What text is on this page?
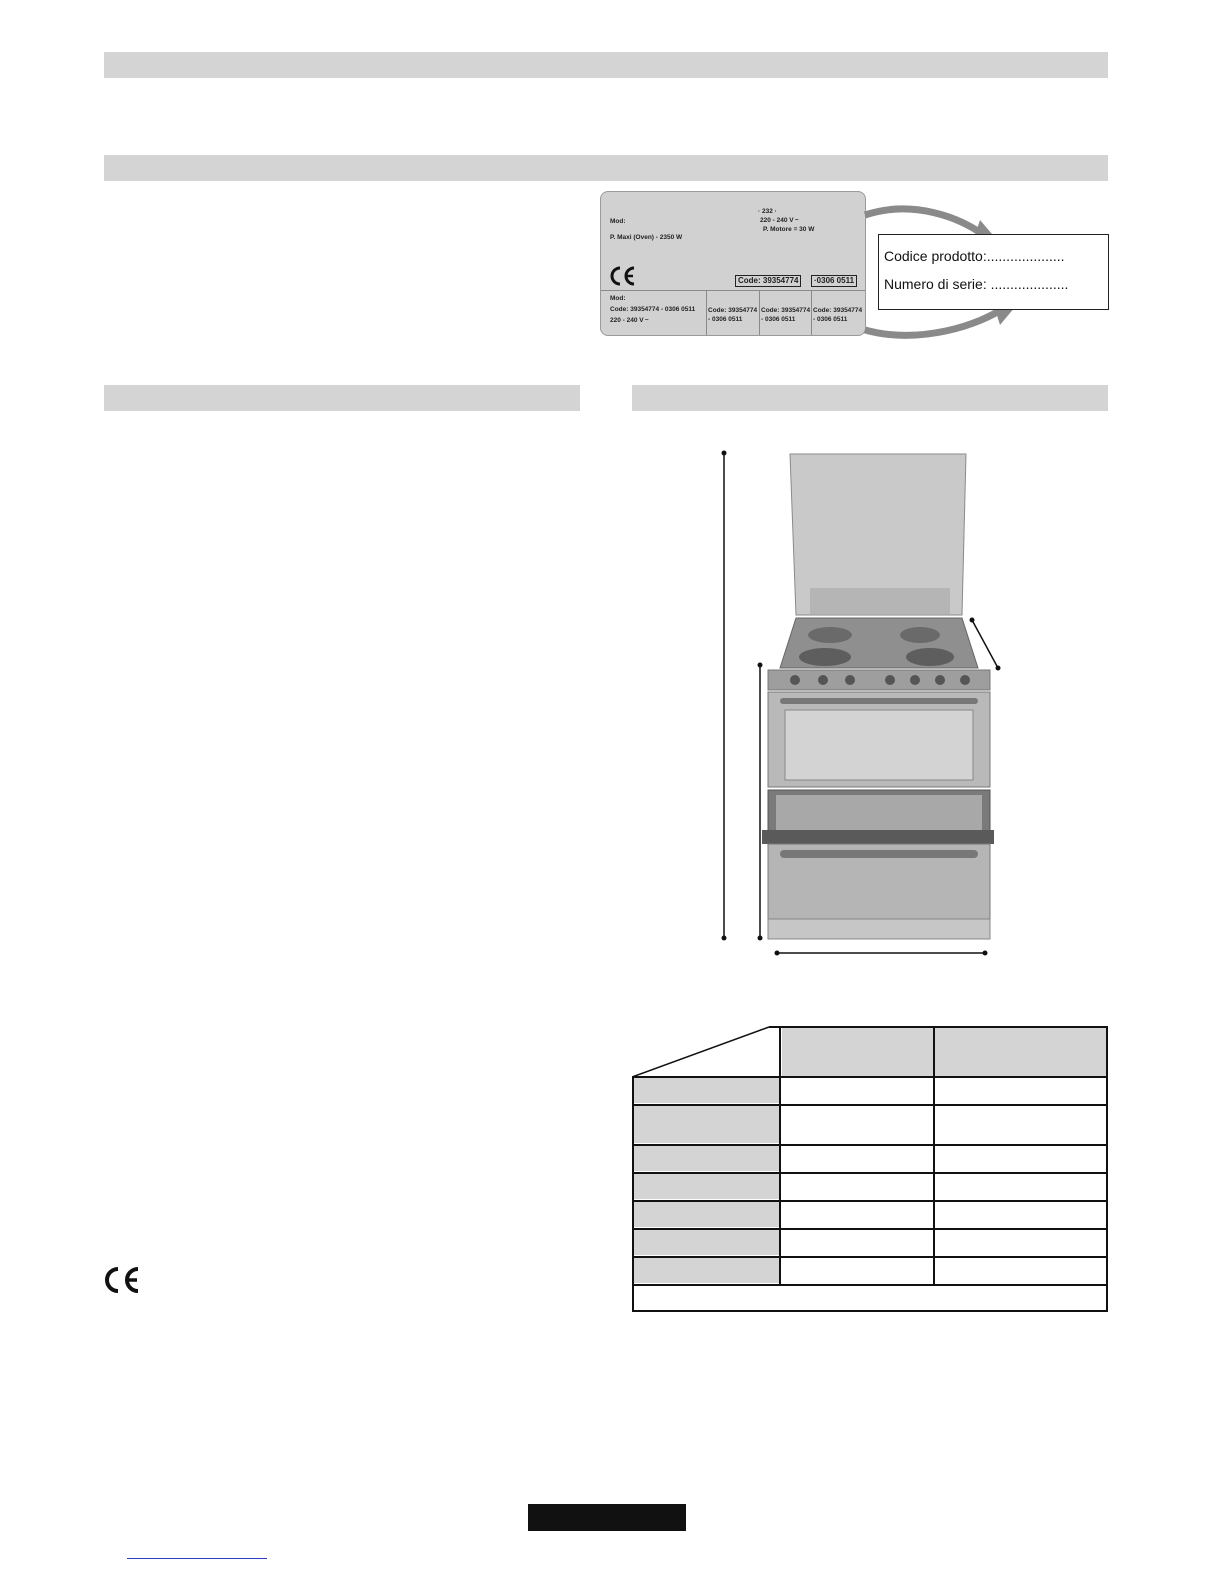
Mod:
P. Maxi (Oven) - 2350 W
· 232 ·
220 - 240 V ~
P. Motore = 30 W
Code: 39354774	·0306 0511
Mod:
Code: 39354774 - 0306 0511
220 - 240 V ~
Code: 39354774
- 0306 0511
Code: 39354774
- 0306 0511
Code: 39354774
- 0306 0511
Codice prodotto:....................
Numero di serie: ....................
